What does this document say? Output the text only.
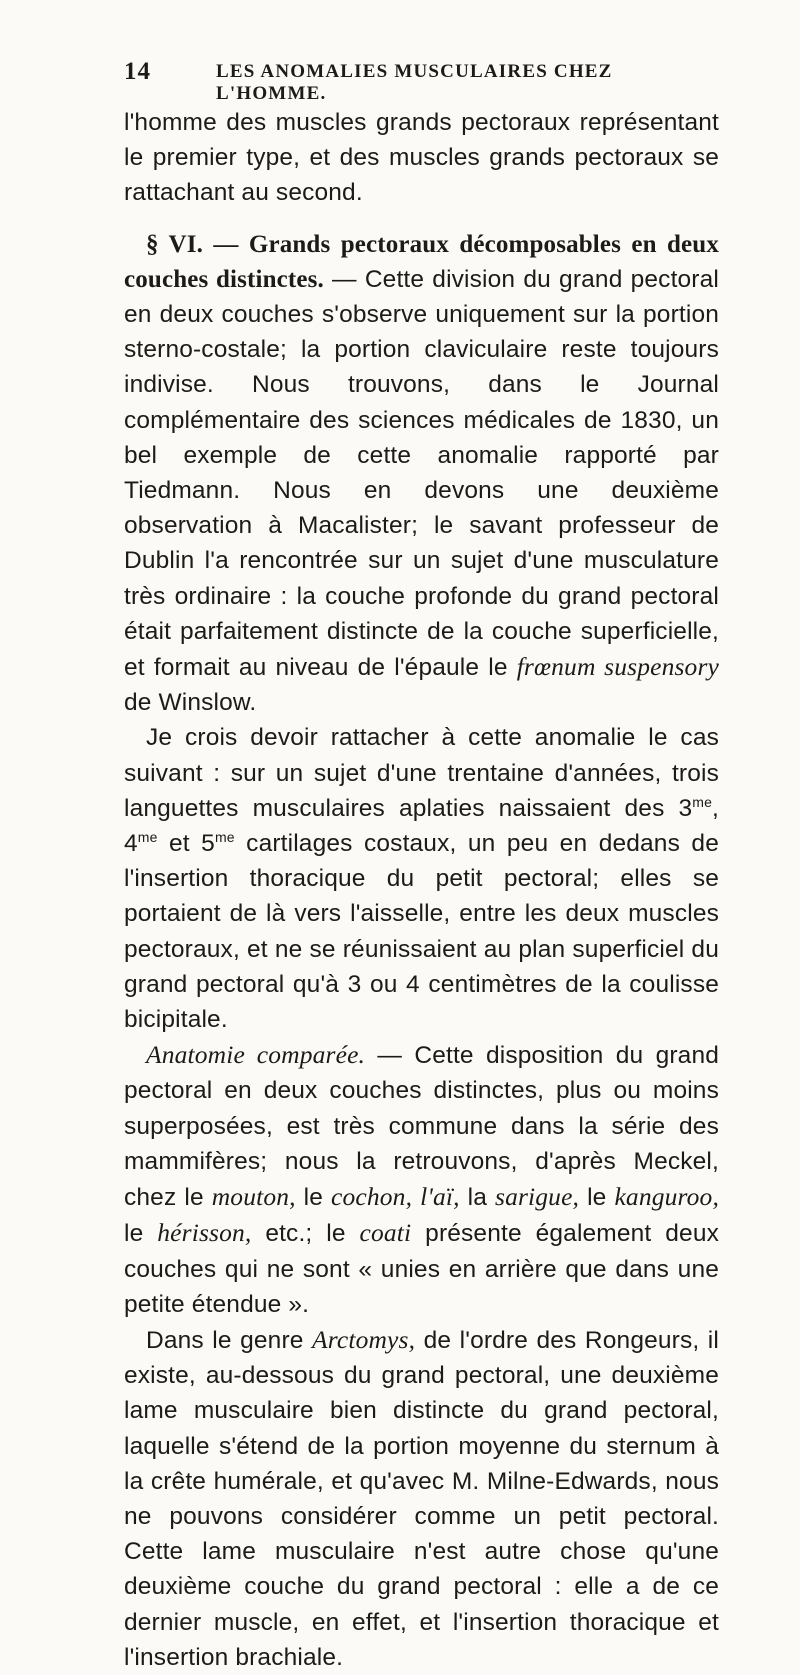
14	LES ANOMALIES MUSCULAIRES CHEZ L'HOMME.

l'homme des muscles grands pectoraux représentant le premier type, et des muscles grands pectoraux se rattachant au second.

§ VI. — Grands pectoraux décomposables en deux couches distinctes. — Cette division du grand pectoral en deux couches s'observe uniquement sur la portion sterno-costale; la portion claviculaire reste toujours indivise. Nous trouvons, dans le Journal complémentaire des sciences médicales de 1830, un bel exemple de cette anomalie rapporté par Tiedmann. Nous en devons une deuxième observation à Macalister; le savant professeur de Dublin l'a rencontrée sur un sujet d'une musculature très ordinaire : la couche profonde du grand pectoral était parfaitement distincte de la couche superficielle, et formait au niveau de l'épaule le frœnum suspensory de Winslow.

Je crois devoir rattacher à cette anomalie le cas suivant : sur un sujet d'une trentaine d'années, trois languettes musculaires aplaties naissaient des $3^{me}$, $4^{me}$ et $5^{me}$ cartilages costaux, un peu en dedans de l'insertion thoracique du petit pectoral; elles se portaient de là vers l'aisselle, entre les deux muscles pectoraux, et ne se réunissaient au plan superficiel du grand pectoral qu'à 3 ou 4 centimètres de la coulisse bicipitale.

Anatomie comparée. — Cette disposition du grand pectoral en deux couches distinctes, plus ou moins superposées, est très commune dans la série des mammifères; nous la retrouvons, d'après Meckel, chez le mouton, le cochon, l'aï, la sarigue, le kanguroo, le hérisson, etc.; le coati présente également deux couches qui ne sont « unies en arrière que dans une petite étendue ».

Dans le genre Arctomys, de l'ordre des Rongeurs, il existe, au-dessous du grand pectoral, une deuxième lame musculaire bien distincte du grand pectoral, laquelle s'étend de la portion moyenne du sternum à la crête humérale, et qu'avec M. Milne-Edwards, nous ne pouvons considérer comme un petit pectoral. Cette lame musculaire n'est autre chose qu'une deuxième couche du grand pectoral : elle a de ce dernier muscle, en effet, et l'insertion thoracique et l'insertion brachiale.
